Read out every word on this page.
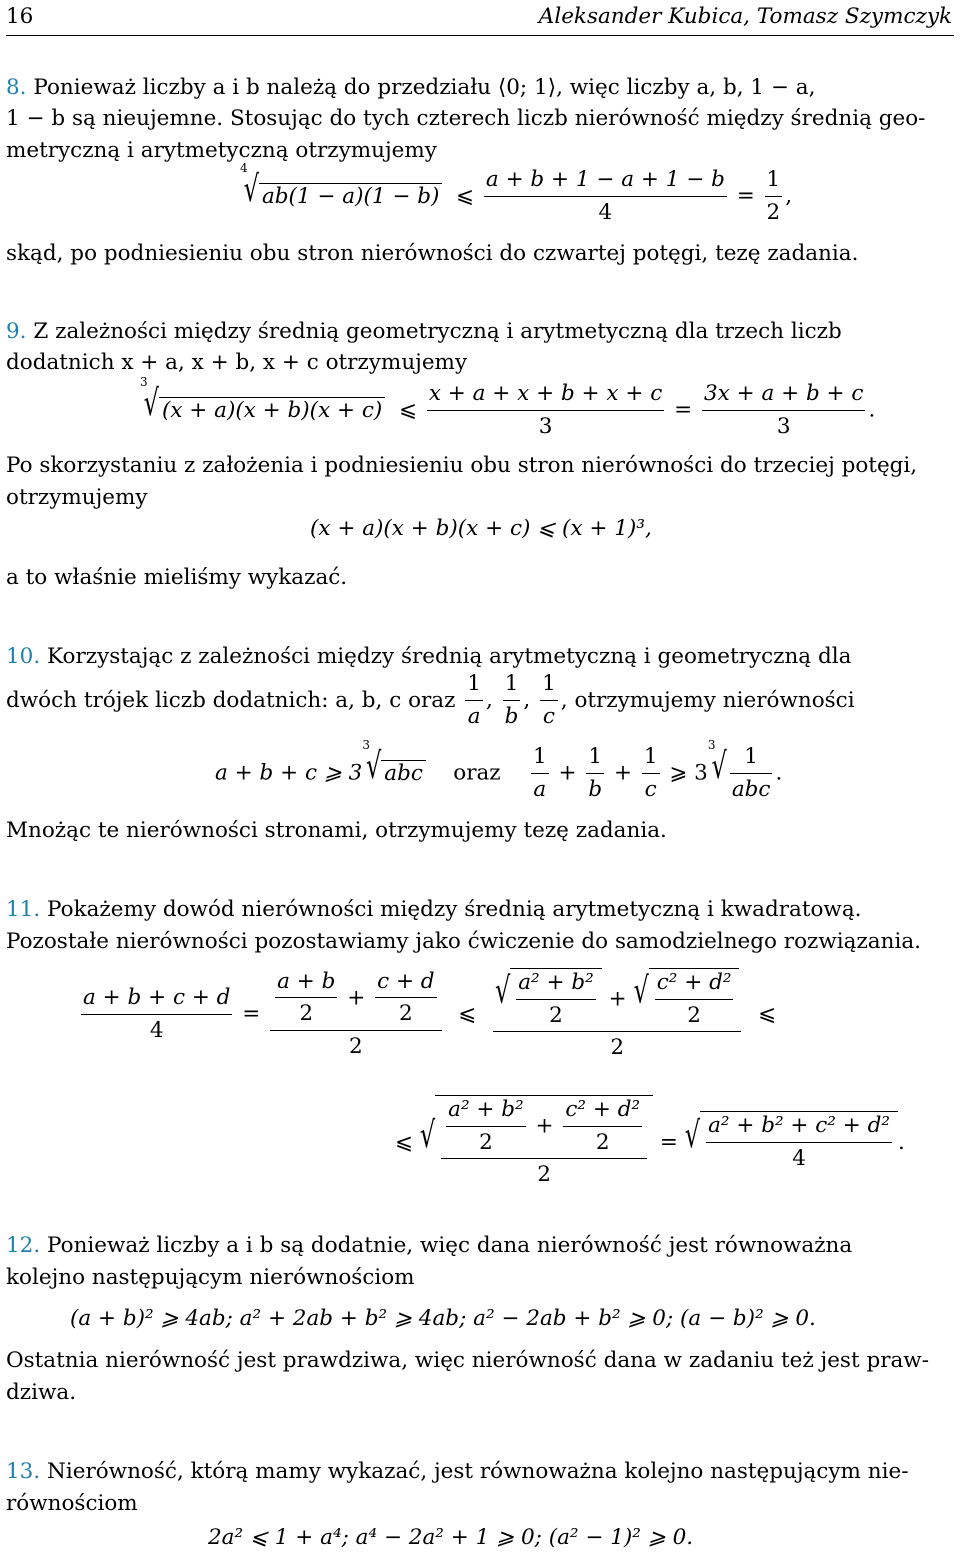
16	Aleksander Kubica, Tomasz Szymczyk
8. Ponieważ liczby a i b należą do przedziału ⟨0; 1⟩, więc liczby a, b, 1 − a,
1 − b są nieujemne. Stosując do tych czterech liczb nierówność między średnią geo-
metryczną i arytmetyczną otrzymujemy
$^4$√ ab(1 − a)(1 − b)  ⩽ $\frac{a + b + 1 - a + 1 - b}{4} = \frac{1}{2}$ ,
skąd, po podniesieniu obu stron nierówności do czwartej potęgi, tezę zadania.
9. Z zależności między średnią geometryczną i arytmetyczną dla trzech liczb
dodatnich x + a, x + b, x + c otrzymujemy
$^3$√ (x + a)(x + b)(x + c)  ⩽ $\frac{x + a + x + b + x + c}{3} = \frac{3x + a + b + c}{3}$ .
Po skorzystaniu z założenia i podniesieniu obu stron nierówności do trzeciej potęgi,
otrzymujemy
(x + a)(x + b)(x + c) ⩽ (x + 1)³,
a to właśnie mieliśmy wykazać.
10. Korzystając z zależności między średnią arytmetyczną i geometryczną dla
dwóch trójek liczb dodatnich: a, b, c oraz $\frac{1}{a}$ , $\frac{1}{b}$ , $\frac{1}{c}$ , otrzymujemy nierówności
a + b + c ⩾ $3^3√$ abc oraz $\frac{1}{a} + \frac{1}{b} + \frac{1}{c}$ ⩾ $3^3√ \frac{1}{\text{abc}}$ .
Mnożąc te nierówności stronami, otrzymujemy tezę zadania.
11. Pokażemy dowód nierówności między średnią arytmetyczną i kwadratową.
Pozostałe nierówności pozostawiamy jako ćwiczenie do samodzielnego rozwiązania.
$\frac{a + b + c + d}{4} = \frac{\frac{a + b}{2} + \frac{c + d}{2}}{2}$ ⩽ $\frac{√ \frac{\text{a² + b²}}{2} + √ \frac{\text{c² + d²}}{2}}{2}$ ⩽
⩽ √ $\frac{\frac{\text{a² + b²}}{2} + \frac{\text{c² + d²}}{2}}{2}$ = √ $\frac{\text{a² + b² + c² + d²}}{4}$ .
12. Ponieważ liczby a i b są dodatnie, więc dana nierówność jest równoważna
kolejno następującym nierównościom
(a + b)² ⩾ 4ab; a² + 2ab + b² ⩾ 4ab; a² − 2ab + b² ⩾ 0; (a − b)² ⩾ 0.
Ostatnia nierówność jest prawdziwa, więc nierówność dana w zadaniu też jest praw-
dziwa.
13. Nierówność, którą mamy wykazać, jest równoważna kolejno następującym nie-
równościom
2a² ⩽ 1 + a⁴; a⁴ − 2a² + 1 ⩾ 0; (a² − 1)² ⩾ 0.
